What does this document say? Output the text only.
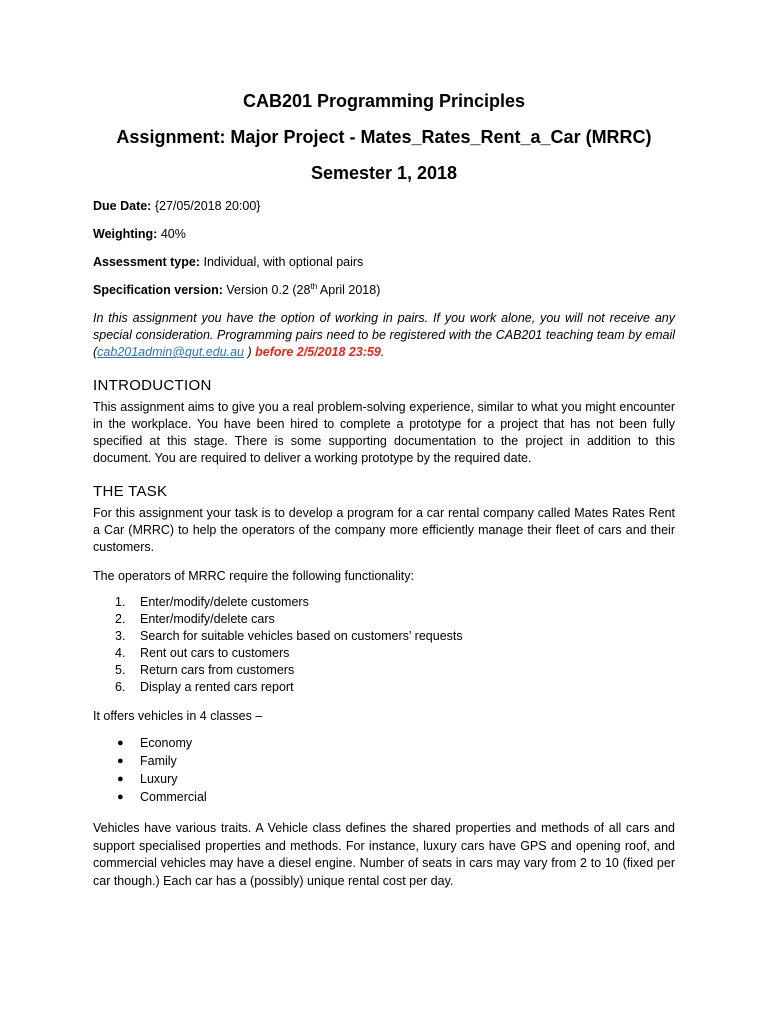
CAB201 Programming Principles
Assignment: Major Project - Mates_Rates_Rent_a_Car (MRRC)
Semester 1, 2018

Due Date: {27/05/2018 20:00}

Weighting: 40%

Assessment type: Individual, with optional pairs

Specification version: Version 0.2 (28th April 2018)

In this assignment you have the option of working in pairs. If you work alone, you will not receive any special consideration. Programming pairs need to be registered with the CAB201 teaching team by email (cab201admin@qut.edu.au ) before 2/5/2018 23:59.

INTRODUCTION

This assignment aims to give you a real problem-solving experience, similar to what you might encounter in the workplace. You have been hired to complete a prototype for a project that has not been fully specified at this stage. There is some supporting documentation to the project in addition to this document. You are required to deliver a working prototype by the required date.

THE TASK

For this assignment your task is to develop a program for a car rental company called Mates Rates Rent a Car (MRRC) to help the operators of the company more efficiently manage their fleet of cars and their customers.

The operators of MRRC require the following functionality:

1. Enter/modify/delete customers
2. Enter/modify/delete cars
3. Search for suitable vehicles based on customers’ requests
4. Rent out cars to customers
5. Return cars from customers
6. Display a rented cars report

It offers vehicles in 4 classes –

● Economy
● Family
● Luxury
● Commercial

Vehicles have various traits. A Vehicle class defines the shared properties and methods of all cars and support specialised properties and methods. For instance, luxury cars have GPS and opening roof, and commercial vehicles may have a diesel engine. Number of seats in cars may vary from 2 to 10 (fixed per car though.) Each car has a (possibly) unique rental cost per day.
